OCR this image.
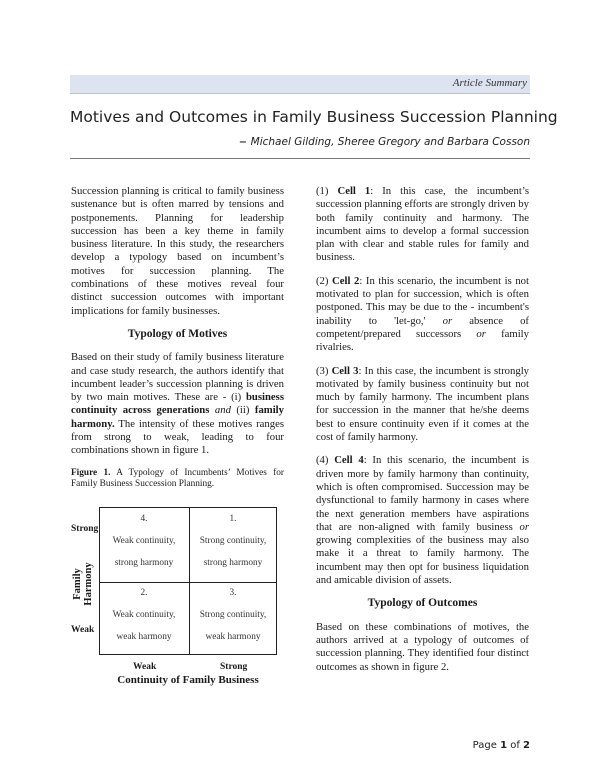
Article Summary
Motives and Outcomes in Family Business Succession Planning
– Michael Gilding, Sheree Gregory and Barbara Cosson

Succession planning is critical to family business sustenance but is often marred by tensions and postponements. Planning for leadership succession has been a key theme in family business literature. In this study, the researchers develop a typology based on incumbent’s motives for succession planning. The combinations of these motives reveal four distinct succession outcomes with important implications for family businesses.

Typology of Motives

Based on their study of family business literature and case study research, the authors identify that incumbent leader’s succession planning is driven by two main motives. These are - (i) business continuity across generations and (ii) family harmony. The intensity of these motives ranges from strong to weak, leading to four combinations shown in figure 1.

Figure 1. A Typology of Incumbents’ Motives for Family Business Succession Planning.

Strong
Weak
Family Harmony
4.
Weak continuity,
strong harmony
1.
Strong continuity,
strong harmony
2.
Weak continuity,
weak harmony
3.
Strong continuity,
weak harmony
Weak	Strong
Continuity of Family Business

(1) Cell 1: In this case, the incumbent’s succession planning efforts are strongly driven by both family continuity and harmony. The incumbent aims to develop a formal succession plan with clear and stable rules for family and business.

(2) Cell 2: In this scenario, the incumbent is not motivated to plan for succession, which is often postponed. This may be due to the - incumbent's inability to 'let-go,' or absence of competent/prepared successors or family rivalries.

(3) Cell 3: In this case, the incumbent is strongly motivated by family business continuity but not much by family harmony. The incumbent plans for succession in the manner that he/she deems best to ensure continuity even if it comes at the cost of family harmony.

(4) Cell 4: In this scenario, the incumbent is driven more by family harmony than continuity, which is often compromised. Succession may be dysfunctional to family harmony in cases where the next generation members have aspirations that are non-aligned with family business or growing complexities of the business may also make it a threat to family harmony. The incumbent may then opt for business liquidation and amicable division of assets.

Typology of Outcomes

Based on these combinations of motives, the authors arrived at a typology of outcomes of succession planning. They identified four distinct outcomes as shown in figure 2.

Page 1 of 2
